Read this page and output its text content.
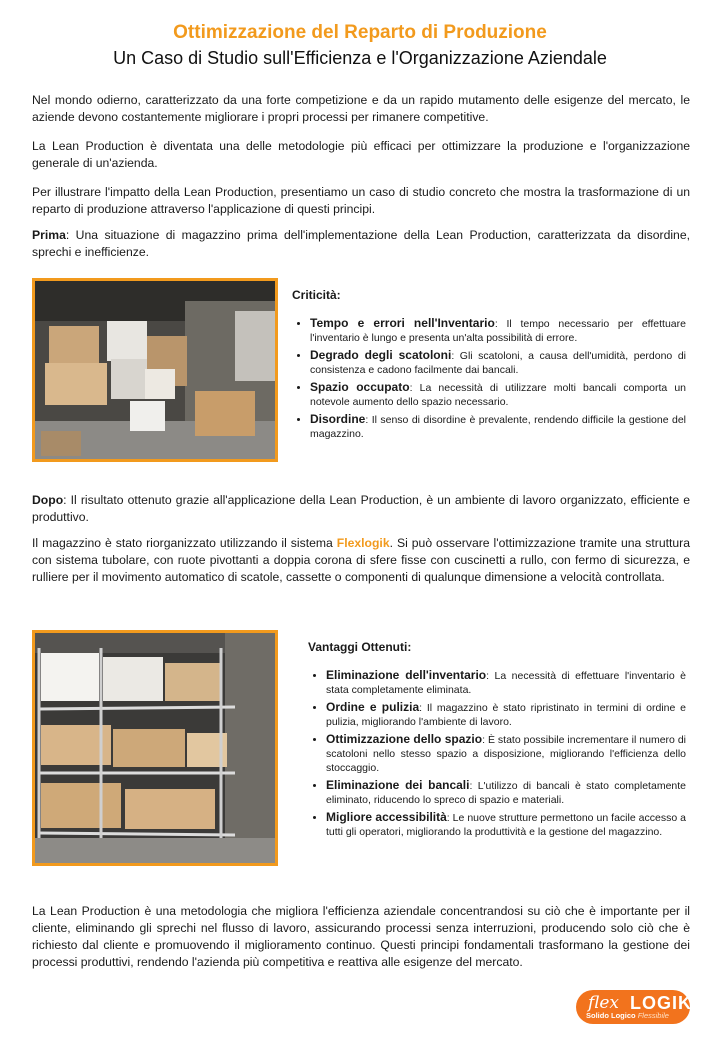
Ottimizzazione del Reparto di Produzione
Un Caso di Studio sull'Efficienza e l'Organizzazione Aziendale
Nel mondo odierno, caratterizzato da una forte competizione e da un rapido mutamento delle esigenze del mercato, le aziende devono costantemente migliorare i propri processi per rimanere competitive.
La Lean Production è diventata una delle metodologie più efficaci per ottimizzare la produzione e l'organizzazione generale di un'azienda.
Per illustrare l'impatto della Lean Production, presentiamo un caso di studio concreto che mostra la trasformazione di un reparto di produzione attraverso l'applicazione di questi principi.
Prima: Una situazione di magazzino prima dell'implementazione della Lean Production, caratterizzata da disordine, sprechi e inefficienze.
Criticità:
• Tempo e errori nell'Inventario: Il tempo necessario per effettuare l'inventario è lungo e presenta un'alta possibilità di errore.
• Degrado degli scatoloni: Gli scatoloni, a causa dell'umidità, perdono di consistenza e cadono facilmente dai bancali.
• Spazio occupato: La necessità di utilizzare molti bancali comporta un notevole aumento dello spazio necessario.
• Disordine: Il senso di disordine è prevalente, rendendo difficile la gestione del magazzino.
Dopo: Il risultato ottenuto grazie all'applicazione della Lean Production, è un ambiente di lavoro organizzato, efficiente e produttivo.
Il magazzino è stato riorganizzato utilizzando il sistema Flexlogik. Si può osservare l'ottimizzazione tramite una struttura con sistema tubolare, con ruote pivottanti a doppia corona di sfere fisse con cuscinetti a rullo, con fermo di sicurezza, e rulliere per il movimento automatico di scatole, cassette o componenti di qualunque dimensione a velocità controllata.
Vantaggi Ottenuti:
• Eliminazione dell'inventario: La necessità di effettuare l'inventario è stata completamente eliminata.
• Ordine e pulizia: Il magazzino è stato ripristinato in termini di ordine e pulizia, migliorando l'ambiente di lavoro.
• Ottimizzazione dello spazio: È stato possibile incrementare il numero di scatoloni nello stesso spazio a disposizione, migliorando l'efficienza dello stoccaggio.
• Eliminazione dei bancali: L'utilizzo di bancali è stato completamente eliminato, riducendo lo spreco di spazio e materiali.
• Migliore accessibilità: Le nuove strutture permettono un facile accesso a tutti gli operatori, migliorando la produttività e la gestione del magazzino.
La Lean Production è una metodologia che migliora l'efficienza aziendale concentrandosi su ciò che è importante per il cliente, eliminando gli sprechi nel flusso di lavoro, assicurando processi senza interruzioni, producendo solo ciò che è richiesto dal cliente e promuovendo il miglioramento continuo. Questi principi fondamentali trasformano la gestione dei processi produttivi, rendendo l'azienda più competitiva e reattiva alle esigenze del mercato.
flex LOGIK
Solido Logico Flessibile
